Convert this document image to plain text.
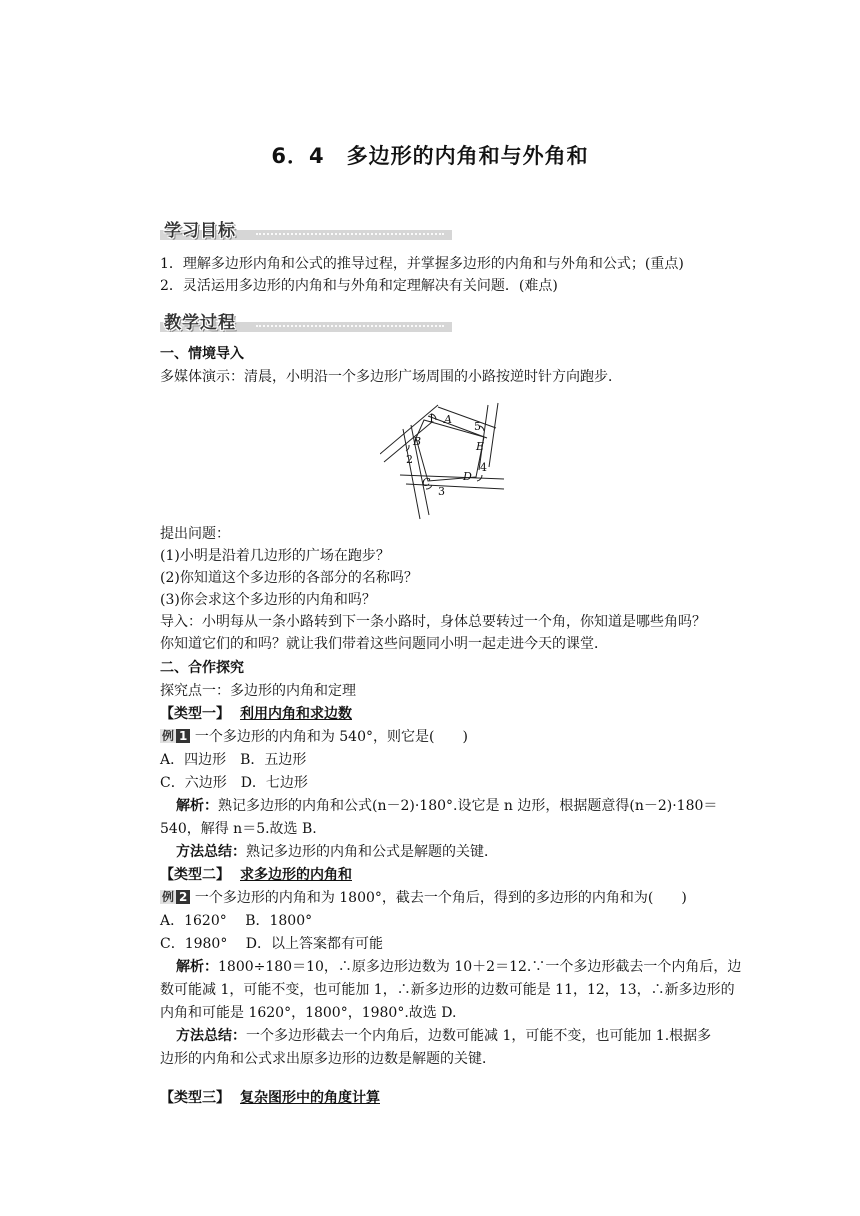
6．4　多边形的内角和与外角和
学习目标
1．理解多边形内角和公式的推导过程，并掌握多边形的内角和与外角和公式；(重点)
2．灵活运用多边形的内角和与外角和定理解决有关问题．(难点)
教学过程
一、情境导入
多媒体演示：清晨，小明沿一个多边形广场周围的小路按逆时针方向跑步．
A
B
C	D
E
1
2
3
4
5
提出问题：
(1)小明是沿着几边形的广场在跑步？
(2)你知道这个多边形的各部分的名称吗？
(3)你会求这个多边形的内角和吗？
导入：小明每从一条小路转到下一条小路时，身体总要转过一个角，你知道是哪些角吗？
你知道它们的和吗？就让我们带着这些问题同小明一起走进今天的课堂．
二、合作探究
探究点一：多边形的内角和定理
【类型一】 利用内角和求边数
例 1 一个多边形的内角和为 540°，则它是(　　)
A．四边形　B．五边形
C．六边形　D．七边形
解析：熟记多边形的内角和公式(n－2)·180°.设它是 n 边形，根据题意得(n－2)·180＝
540，解得 n＝5.故选 B.
方法总结：熟记多边形的内角和公式是解题的关键．
【类型二】 求多边形的内角和
例 2 一个多边形的内角和为 1800°，截去一个角后，得到的多边形的内角和为(　　)
A．1620°　 B．1800°
C．1980°　 D．以上答案都有可能
解析：1800÷180＝10，∴原多边形边数为 10＋2＝12.∵一个多边形截去一个内角后，边
数可能减 1，可能不变，也可能加 1，∴新多边形的边数可能是 11，12，13，∴新多边形的
内角和可能是 1620°，1800°，1980°.故选 D.
方法总结：一个多边形截去一个内角后，边数可能减 1，可能不变，也可能加 1.根据多
边形的内角和公式求出原多边形的边数是解题的关键．
【类型三】 复杂图形中的角度计算
